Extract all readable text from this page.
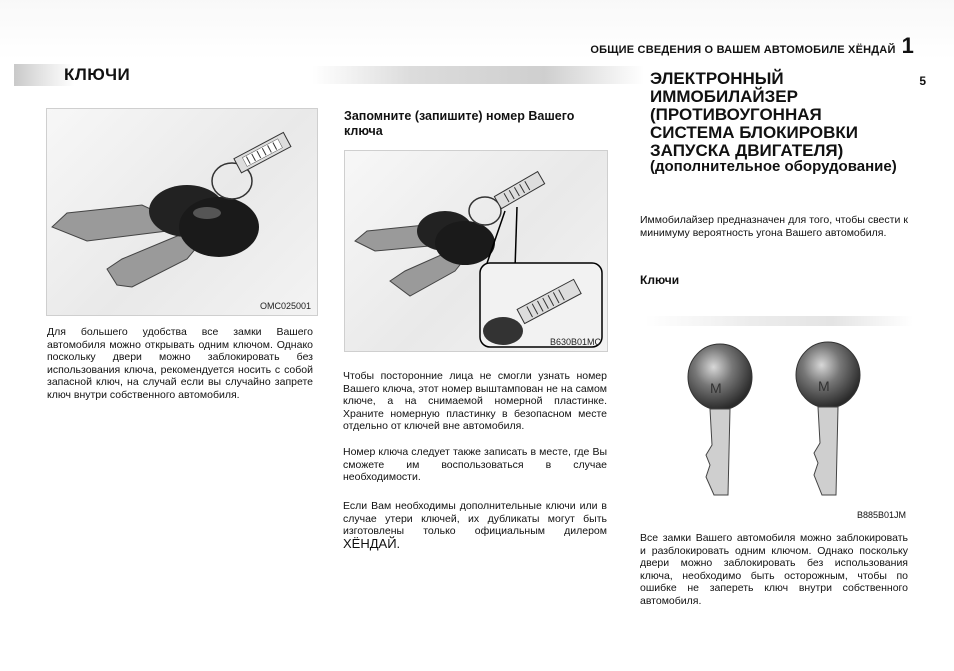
ОБЩИЕ СВЕДЕНИЯ О ВАШЕМ АВТОМОБИЛЕ ХЁНДАЙ 1
5
КЛЮЧИ
OMC025001

Для большего удобства все замки Вашего автомобиля можно открывать одним ключом. Однако поскольку двери можно заблокировать без использования ключа, рекомендуется носить с собой запасной ключ, на случай если вы случайно запрете ключ внутри собственного автомобиля.

Запомните (запишите) номер Вашего ключа
B630B01MC

Чтобы посторонние лица не смогли узнать номер Вашего ключа, этот номер выштампован не на самом ключе, а на снимаемой номерной пластинке. Храните номерную пластинку в безопасном месте отдельно от ключей вне автомобиля.

Номер ключа следует также записать в месте, где Вы сможете им воспользоваться в случае необходимости.

Если Вам необходимы дополнительные ключи или в случае утери ключей, их дубликаты могут быть изготовлены только официальным дилером ХЁНДАЙ.

ЭЛЕКТРОННЫЙ ИММОБИЛАЙЗЕР (ПРОТИВОУГОННАЯ СИСТЕМА БЛОКИРОВКИ ЗАПУСКА ДВИГАТЕЛЯ)
(дополнительное оборудование)

Иммобилайзер предназначен для того, чтобы свести к минимуму вероятность угона Вашего автомобиля.

Ключи
M	M
B885B01JM

Все замки Вашего автомобиля можно заблокировать и разблокировать одним ключом. Однако поскольку двери можно заблокировать без использования ключа, необходимо быть осторожным, чтобы по ошибке не запереть ключ внутри собственного автомобиля.
